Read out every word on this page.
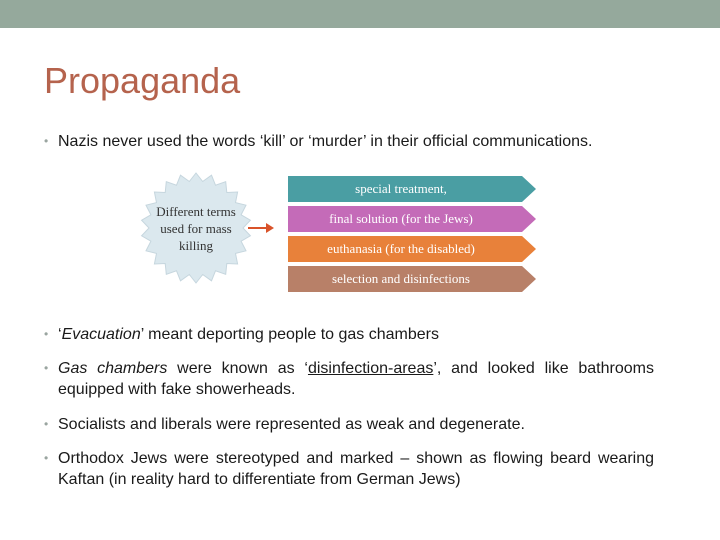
Propaganda
• Nazis never used the words ‘kill’ or ‘murder’ in their official communications.
Different terms used for mass killing
special treatment,
final solution (for the Jews)
euthanasia (for the disabled)
selection and disinfections
• ‘Evacuation’ meant deporting people to gas chambers
• Gas chambers were known as ‘disinfection-areas’, and looked like bathrooms equipped with fake showerheads.
• Socialists and liberals were represented as weak and degenerate.
• Orthodox Jews were stereotyped and marked – shown as flowing beard wearing Kaftan (in reality hard to differentiate from German Jews)
